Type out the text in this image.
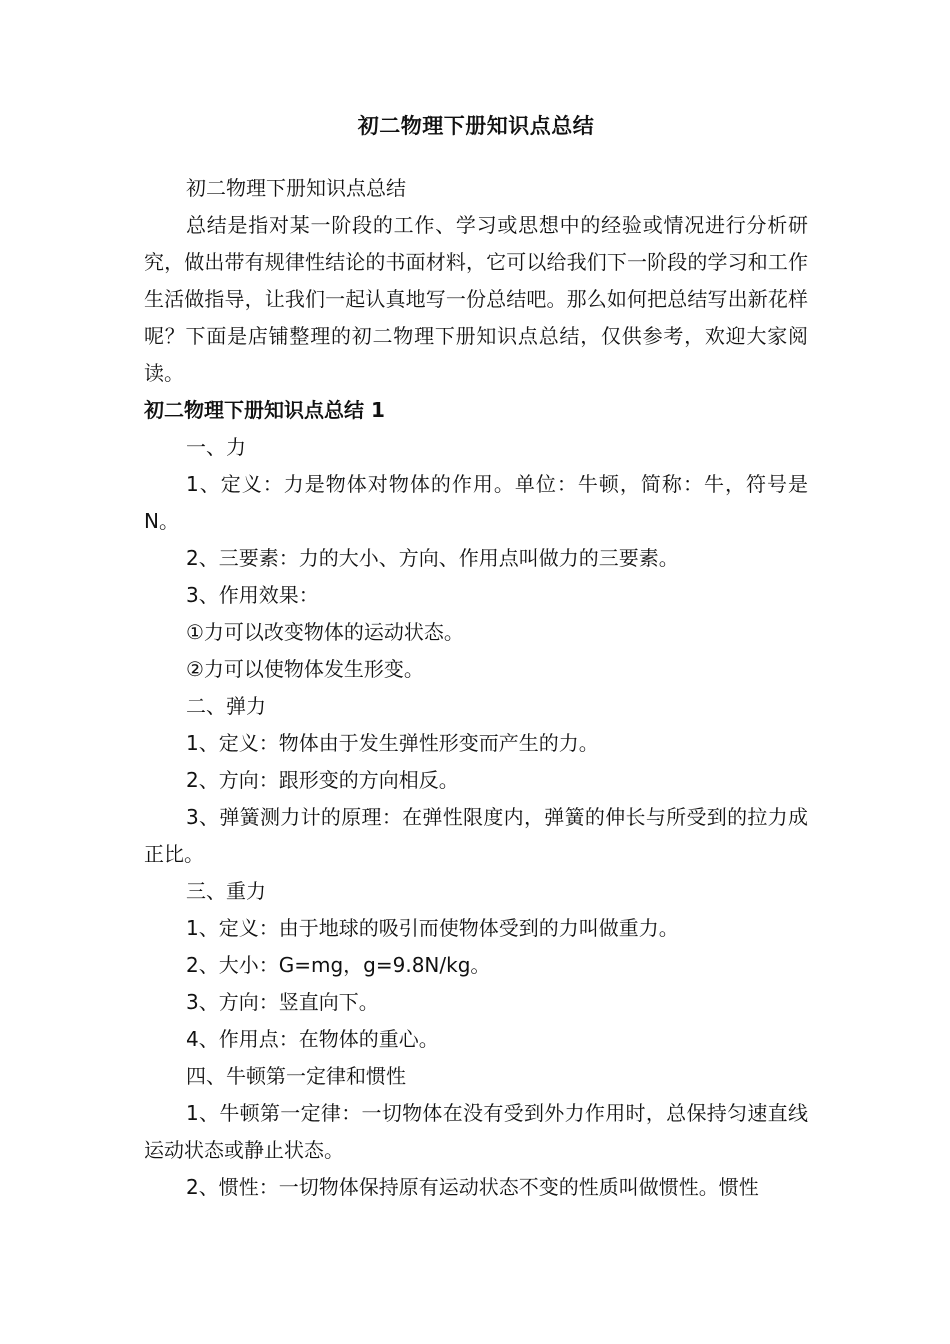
初二物理下册知识点总结

初二物理下册知识点总结

总结是指对某一阶段的工作、学习或思想中的经验或情况进行分析研究，做出带有规律性结论的书面材料，它可以给我们下一阶段的学习和工作生活做指导，让我们一起认真地写一份总结吧。那么如何把总结写出新花样呢？下面是店铺整理的初二物理下册知识点总结，仅供参考，欢迎大家阅读。

初二物理下册知识点总结 1

一、力

1、定义：力是物体对物体的作用。单位：牛顿，简称：牛，符号是 N。

2、三要素：力的大小、方向、作用点叫做力的三要素。

3、作用效果：

①力可以改变物体的运动状态。

②力可以使物体发生形变。

二、弹力

1、定义：物体由于发生弹性形变而产生的力。

2、方向：跟形变的方向相反。

3、弹簧测力计的原理：在弹性限度内，弹簧的伸长与所受到的拉力成正比。

三、重力

1、定义：由于地球的吸引而使物体受到的力叫做重力。

2、大小：G=mg，g=9.8N/kg。

3、方向：竖直向下。

4、作用点：在物体的重心。

四、牛顿第一定律和惯性

1、牛顿第一定律：一切物体在没有受到外力作用时，总保持匀速直线运动状态或静止状态。

2、惯性：一切物体保持原有运动状态不变的性质叫做惯性。惯性
